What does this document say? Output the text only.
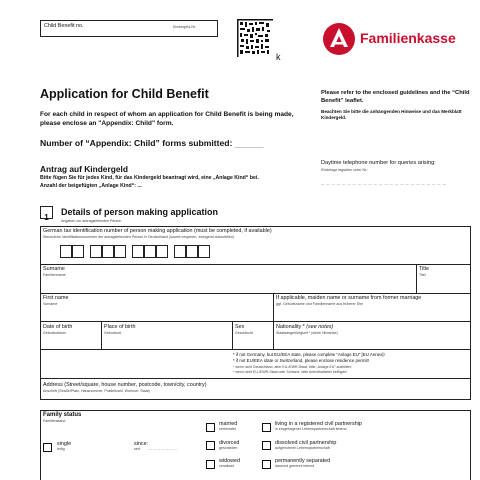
Child Benefit no.	Kindergeld-Nr.
k
Familienkasse
Application for Child Benefit
For each child in respect of whom an application for Child Benefit is being made, please enclose an "Appendix: Child" form.
Number of “Appendix: Child” forms submitted: ______
Please refer to the enclosed guidelines and the “Child Benefit” leaflet.
Beachten Sie bitte die anhängenden Hinweise und das Merkblatt Kindergeld.
Antrag auf Kindergeld
Bitte fügen Sie für jedes Kind, für das Kindergeld beantragt wird, eine „Anlage Kind“ bei.
Anzahl der beigefügten „Anlage Kind“: ...
Daytime telephone number for queries arising:
Rückfrage tagsüber unter Nr.:
_ _ _ _ _ _ _ _ _ _ _ _ _ _ _ _ _ _ _ _ _ _ _ _
1
Details of person making application
Angaben zur antragstellenden Person
German tax identification number of person making application (must be completed, if available)
Steuerliche Identifikationsnummer der antragstellenden Person in Deutschland (soweit vergeben, zwingend auszufüllen)
Surname
Familienname
Title
Titel
First name
Vorname
If applicable, maiden name or surname from former marriage
ggf. Geburtsname und Familienname aus früherer Ehe
Date of birth
Geburtsdatum
Place of birth
Geburtsort
Sex
Geschlecht
Nationality * (see notes)
Staatsangehörigkeit * (siehe Hinweise)
* if not Germany, but EU/EEA state, please complete “Anlage EU” [EU Annex]!
* if not EU/EEA state or Switzerland, please enclose residence permit!
* wenn nicht Deutschland, aber EU-/EWR-Staat, bitte „Anlage EU“ ausfüllen!
* wenn nicht EU-/EWR-Staat oder Schweiz, bitte Aufenthaltstitel beifügen!
Address (Street/square, house number, postcode, town/city, country)
Anschrift (Straße/Platz, Hausnummer, Postleitzahl, Wohnort, Staat)
Family status
Familienstand
single
ledig
since:
seit: ...................
married
verheiratet
divorced
geschieden
widowed
verwitwet
living in a registered civil partnership
in eingetragener Lebenspartnerschaft lebend
dissolved civil partnership
aufgehobene Lebenspartnerschaft
permanently separated
dauernd getrennt lebend
